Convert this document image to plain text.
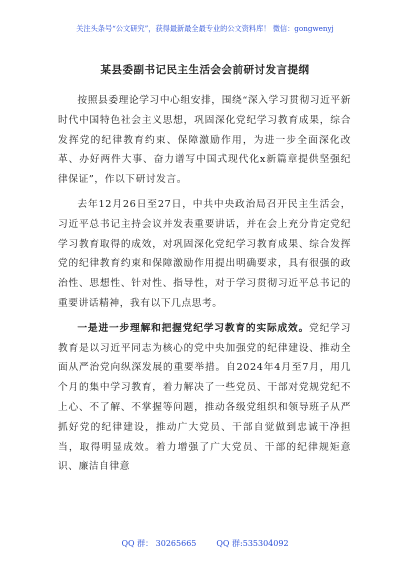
关注头条号“公文研究”，获得最新最全最专业的公文资料库！ 微信：gongwenyj
某县委副书记民主生活会会前研讨发言提纲

按照县委理论学习中心组安排，围绕“深入学习贯彻习近平新时代中国特色社会主义思想，巩固深化党纪学习教育成果，综合发挥党的纪律教育约束、保障激励作用，为进一步全面深化改革、办好两件大事、奋力谱写中国式现代化x新篇章提供坚强纪律保证”，作以下研讨发言。

去年12月26日至27日，中共中央政治局召开民主生活会，习近平总书记主持会议并发表重要讲话，并在会上充分肯定党纪学习教育取得的成效，对巩固深化党纪学习教育成果、综合发挥党的纪律教育约束和保障激励作用提出明确要求，具有很强的政治性、思想性、针对性、指导性，对于学习贯彻习近平总书记的重要讲话精神，我有以下几点思考。

一是进一步理解和把握党纪学习教育的实际成效。党纪学习教育是以习近平同志为核心的党中央加强党的纪律建设、推动全面从严治党向纵深发展的重要举措。自2024年4月至7月，用几个月的集中学习教育，着力解决了一些党员、干部对党规党纪不上心、不了解、不掌握等问题，推动各级党组织和领导班子从严抓好党的纪律建设，推动广大党员、干部自觉做到忠诚干净担当，取得明显成效。着力增强了广大党员、干部的纪律规矩意识、廉洁自律意

QQ 群： 30265665	QQ 群:535304092
